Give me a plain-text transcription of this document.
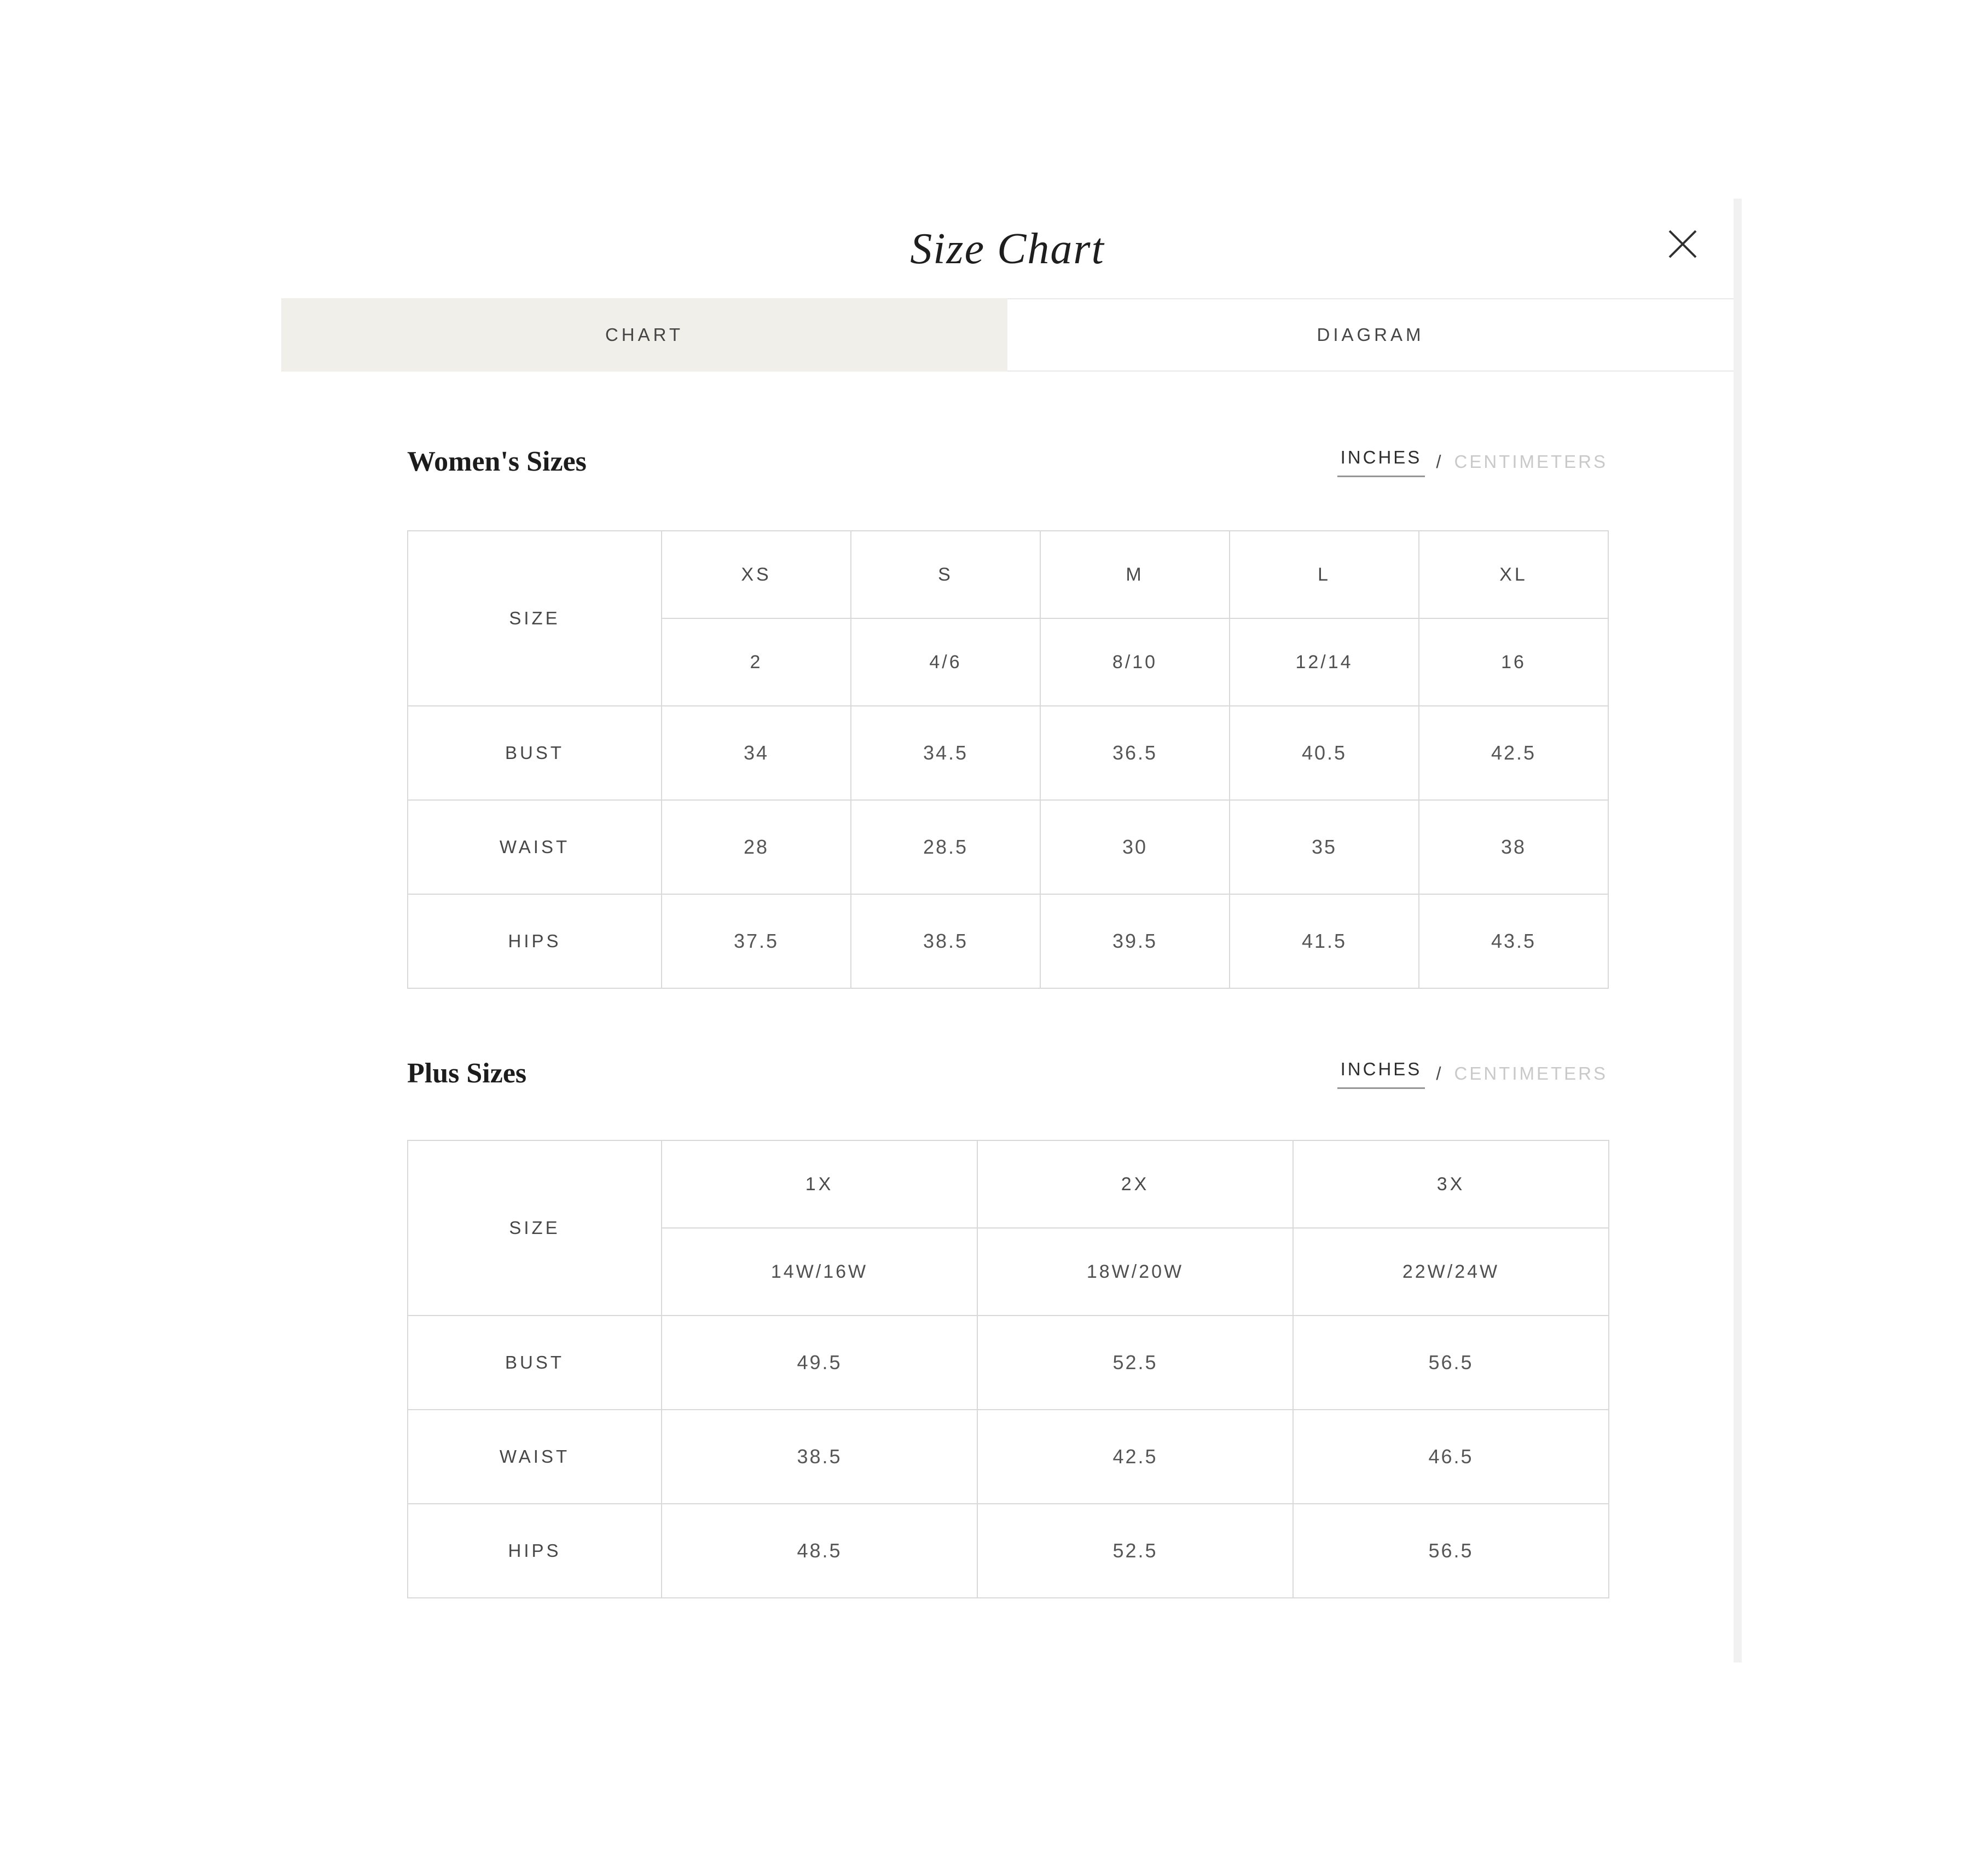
Size Chart
CHART	DIAGRAM
Women's Sizes	INCHES / CENTIMETERS
SIZE	XS	S	M	L	XL
	2	4/6	8/10	12/14	16
BUST	34	34.5	36.5	40.5	42.5
WAIST	28	28.5	30	35	38
HIPS	37.5	38.5	39.5	41.5	43.5
Plus Sizes	INCHES / CENTIMETERS
SIZE	1X	2X	3X
	14W/16W	18W/20W	22W/24W
BUST	49.5	52.5	56.5
WAIST	38.5	42.5	46.5
HIPS	48.5	52.5	56.5
